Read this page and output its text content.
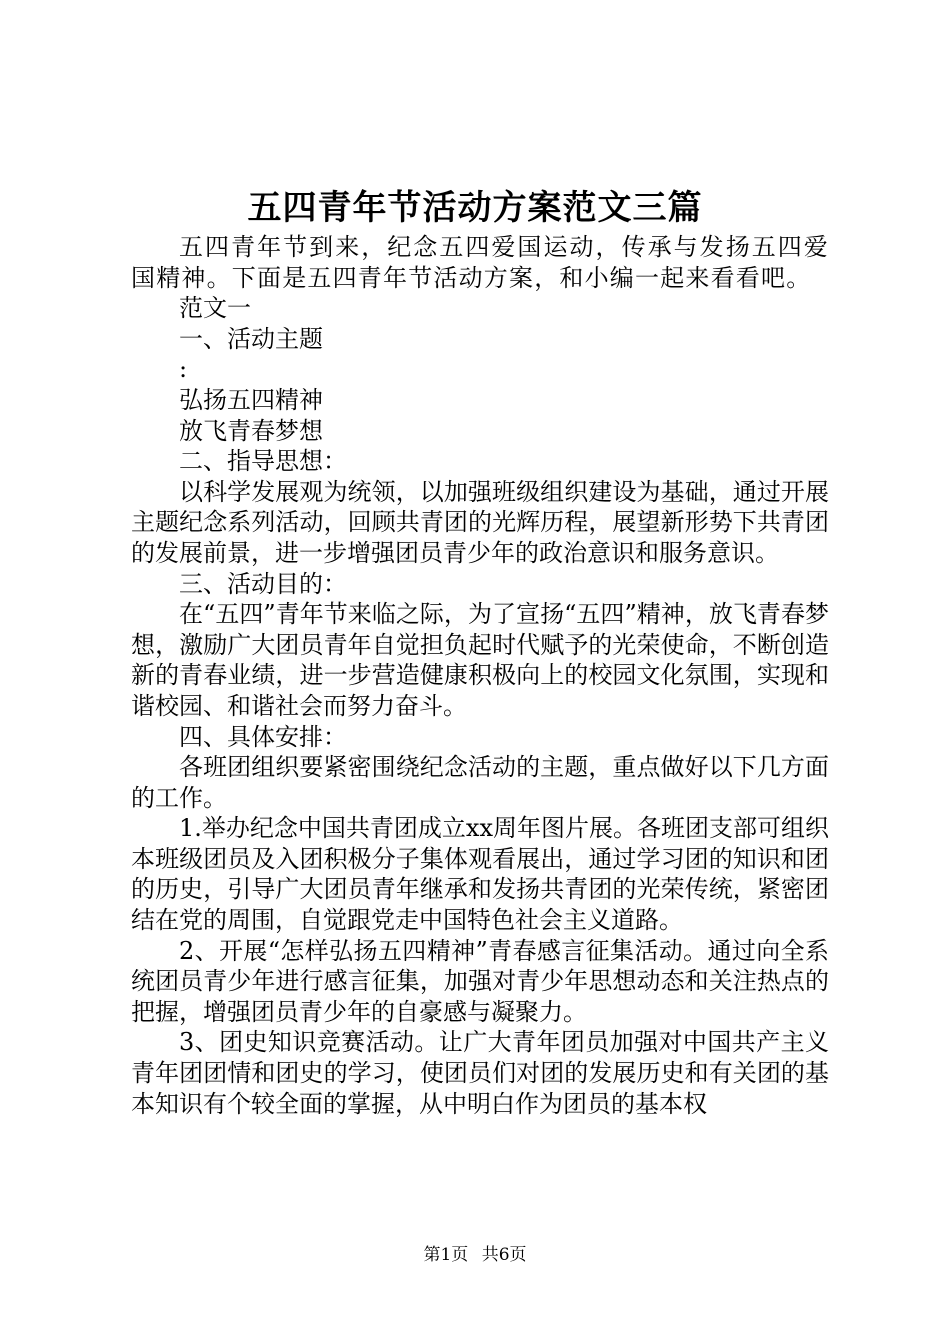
五四青年节活动方案范文三篇

五四青年节到来，纪念五四爱国运动，传承与发扬五四爱国精神。下面是五四青年节活动方案，和小编一起来看看吧。

范文一

一、活动主题

:

弘扬五四精神

放飞青春梦想

二、指导思想：

以科学发展观为统领，以加强班级组织建设为基础，通过开展主题纪念系列活动，回顾共青团的光辉历程，展望新形势下共青团的发展前景，进一步增强团员青少年的政治意识和服务意识。

三、活动目的：

在“五四”青年节来临之际，为了宣扬“五四”精神，放飞青春梦想，激励广大团员青年自觉担负起时代赋予的光荣使命，不断创造新的青春业绩，进一步营造健康积极向上的校园文化氛围，实现和谐校园、和谐社会而努力奋斗。

四、具体安排：

各班团组织要紧密围绕纪念活动的主题，重点做好以下几方面的工作。

1.举办纪念中国共青团成立xx周年图片展。各班团支部可组织本班级团员及入团积极分子集体观看展出，通过学习团的知识和团的历史，引导广大团员青年继承和发扬共青团的光荣传统，紧密团结在党的周围，自觉跟党走中国特色社会主义道路。

2、开展“怎样弘扬五四精神”青春感言征集活动。通过向全系统团员青少年进行感言征集，加强对青少年思想动态和关注热点的把握，增强团员青少年的自豪感与凝聚力。

3、团史知识竞赛活动。让广大青年团员加强对中国共产主义青年团团情和团史的学习，使团员们对团的发展历史和有关团的基本知识有个较全面的掌握，从中明白作为团员的基本权

第1页 共6页
